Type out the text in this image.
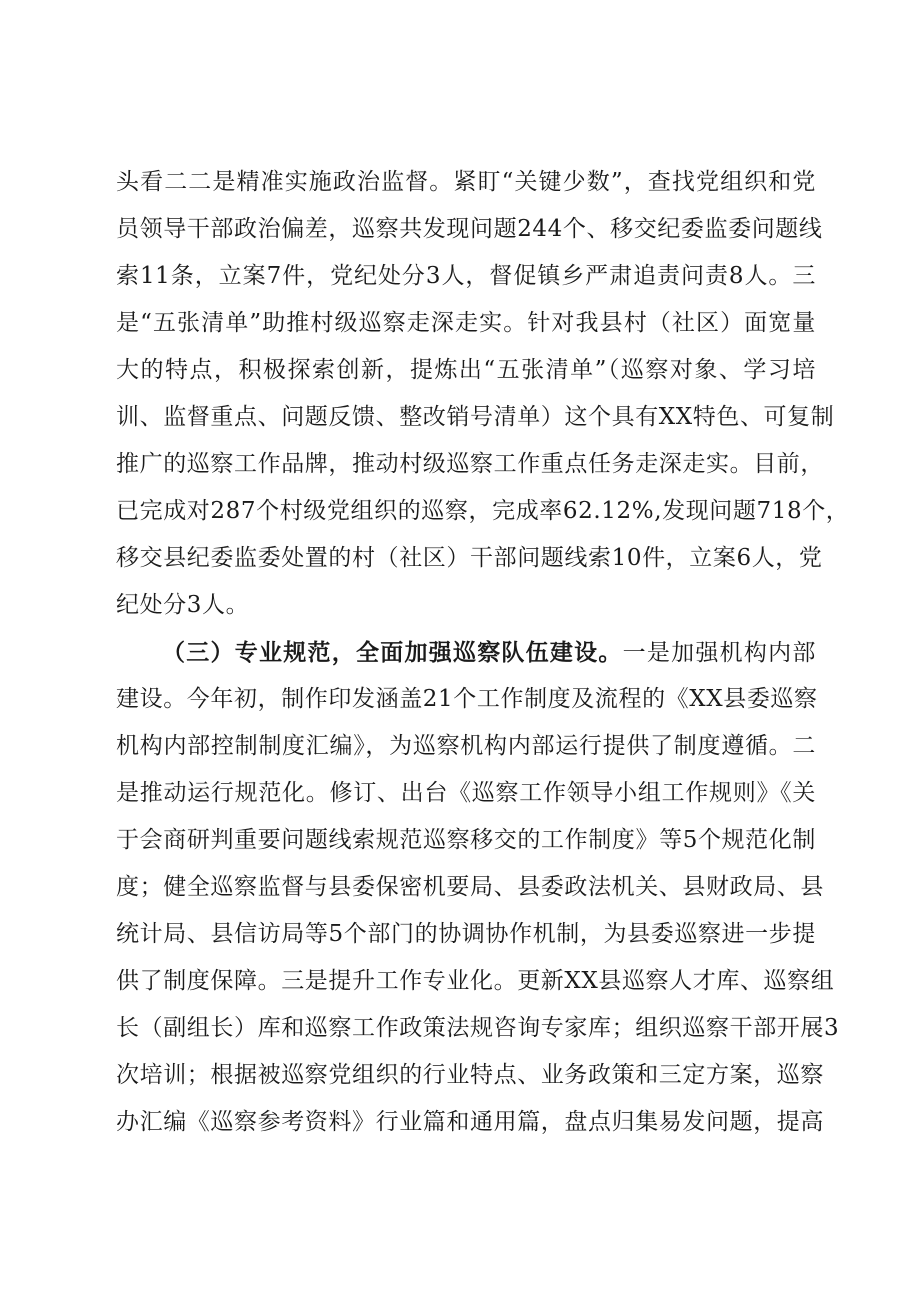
头看二二是精准实施政治监督。紧盯“关键少数”，查找党组织和党
员领导干部政治偏差，巡察共发现问题244个、移交纪委监委问题线
索11条，立案7件，党纪处分3人，督促镇乡严肃追责问责8人。三
是“五张清单”助推村级巡察走深走实。针对我县村（社区）面宽量
大的特点，积极探索创新，提炼出“五张清单”（巡察对象、学习培
训、监督重点、问题反馈、整改销号清单）这个具有XX特色、可复制
推广的巡察工作品牌，推动村级巡察工作重点任务走深走实。目前，
已完成对287个村级党组织的巡察，完成率62.12%,发现问题718个，
移交县纪委监委处置的村（社区）干部问题线索10件，立案6人，党
纪处分3人。
（三）专业规范，全面加强巡察队伍建设。一是加强机构内部
建设。今年初，制作印发涵盖21个工作制度及流程的《XX县委巡察
机构内部控制制度汇编》，为巡察机构内部运行提供了制度遵循。二
是推动运行规范化。修订、出台《巡察工作领导小组工作规则》《关
于会商研判重要问题线索规范巡察移交的工作制度》等5个规范化制
度；健全巡察监督与县委保密机要局、县委政法机关、县财政局、县
统计局、县信访局等5个部门的协调协作机制，为县委巡察进一步提
供了制度保障。三是提升工作专业化。更新XX县巡察人才库、巡察组
长（副组长）库和巡察工作政策法规咨询专家库；组织巡察干部开展3
次培训；根据被巡察党组织的行业特点、业务政策和三定方案，巡察
办汇编《巡察参考资料》行业篇和通用篇，盘点归集易发问题，提高
